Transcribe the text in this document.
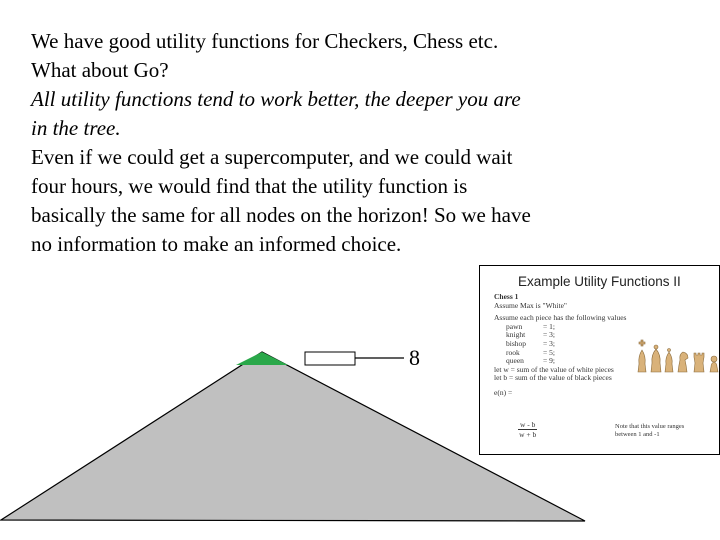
We have good utility functions for Checkers, Chess etc.
What about Go?
All utility functions tend to work better, the deeper you are
in the tree.
Even if we could get a supercomputer, and we could wait
four hours, we would find that the utility function is
basically the same for all nodes on the horizon! So we have
no information to make an informed choice.
8
Example Utility Functions II
Chess 1
Assume Max is "White"
Assume each piece has the following values
pawn	= 1;
knight = 3;
bishop = 3;
rook	= 5;
queen	= 9;
let w = sum of the value of white pieces
let b = sum of the value of black pieces
e(n) =
$\frac{w - b}{w + b}$	Note that this value ranges
between 1 and -1
